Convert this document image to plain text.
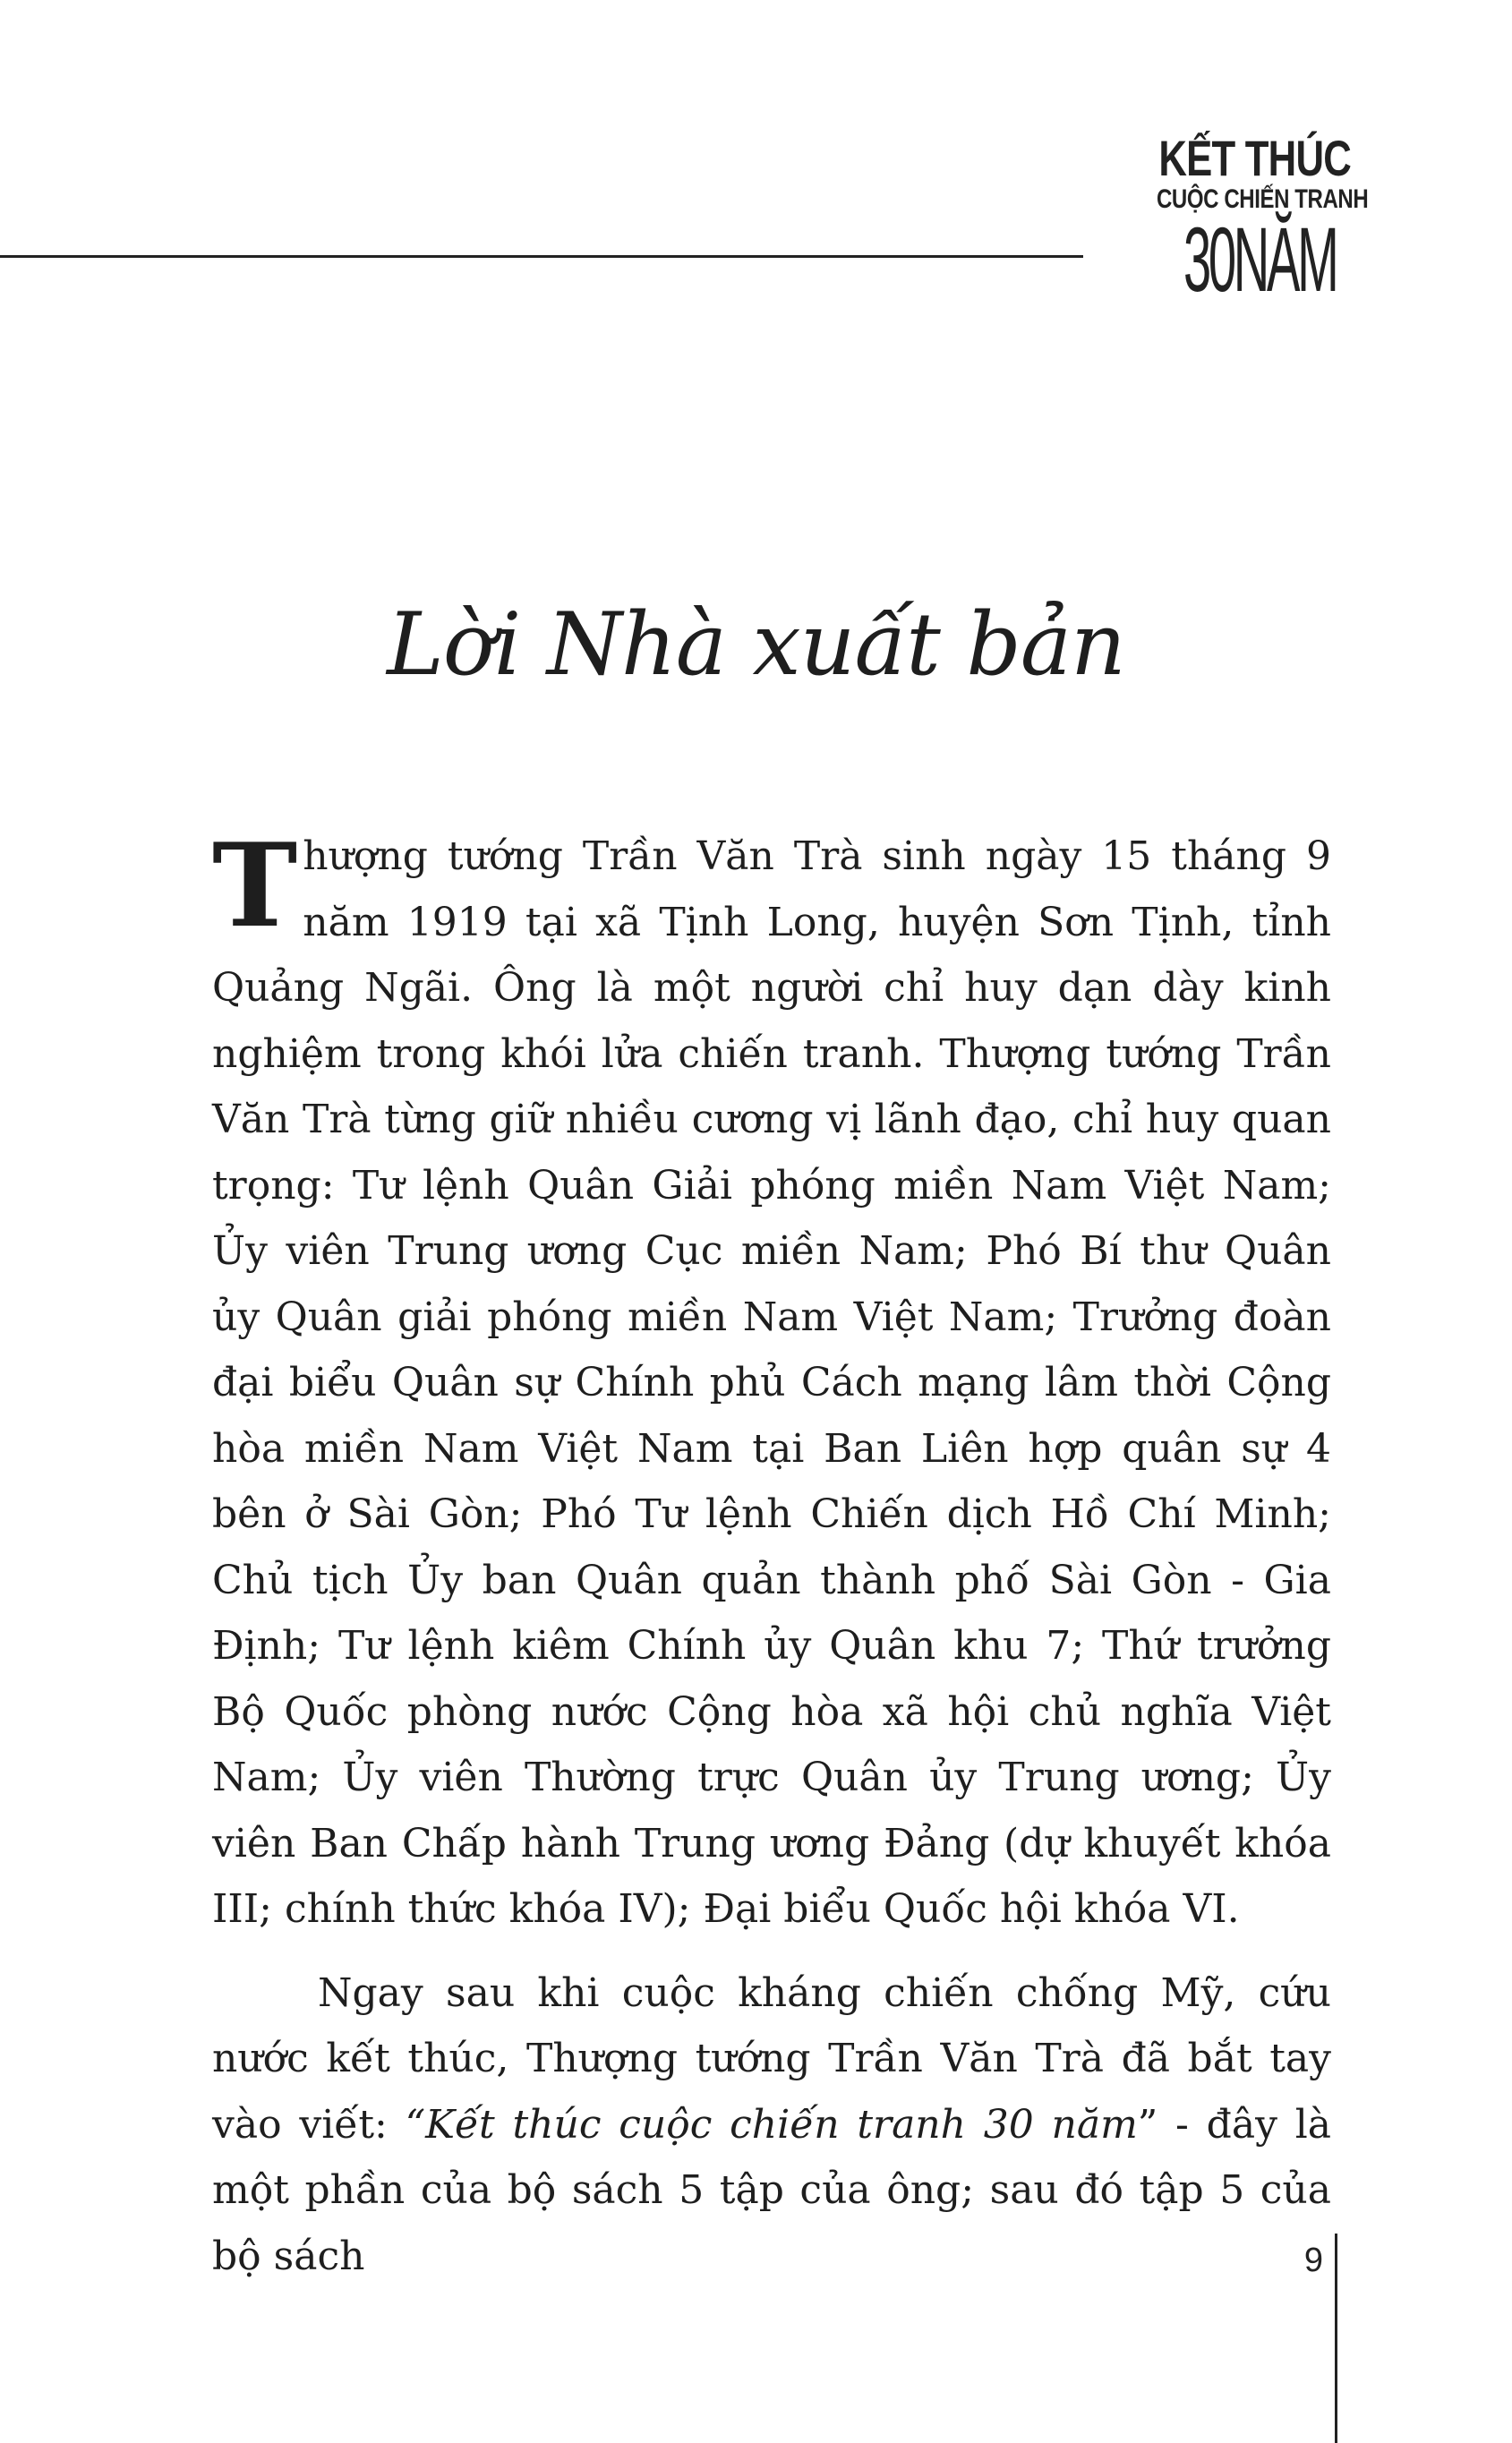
KẾT THÚC
CUỘC CHIẾN TRANH
30NĂM
Lời Nhà xuất bản

Thượng tướng Trần Văn Trà sinh ngày 15 tháng 9 năm 1919 tại xã Tịnh Long, huyện Sơn Tịnh, tỉnh Quảng Ngãi. Ông là một người chỉ huy dạn dày kinh nghiệm trong khói lửa chiến tranh. Thượng tướng Trần Văn Trà từng giữ nhiều cương vị lãnh đạo, chỉ huy quan trọng: Tư lệnh Quân Giải phóng miền Nam Việt Nam; Ủy viên Trung ương Cục miền Nam; Phó Bí thư Quân ủy Quân giải phóng miền Nam Việt Nam; Trưởng đoàn đại biểu Quân sự Chính phủ Cách mạng lâm thời Cộng hòa miền Nam Việt Nam tại Ban Liên hợp quân sự 4 bên ở Sài Gòn; Phó Tư lệnh Chiến dịch Hồ Chí Minh; Chủ tịch Ủy ban Quân quản thành phố Sài Gòn - Gia Định; Tư lệnh kiêm Chính ủy Quân khu 7; Thứ trưởng Bộ Quốc phòng nước Cộng hòa xã hội chủ nghĩa Việt Nam; Ủy viên Thường trực Quân ủy Trung ương; Ủy viên Ban Chấp hành Trung ương Đảng (dự khuyết khóa III; chính thức khóa IV); Đại biểu Quốc hội khóa VI.

Ngay sau khi cuộc kháng chiến chống Mỹ, cứu nước kết thúc, Thượng tướng Trần Văn Trà đã bắt tay vào viết: “Kết thúc cuộc chiến tranh 30 năm” - đây là một phần của bộ sách 5 tập của ông; sau đó tập 5 của bộ sách	9
